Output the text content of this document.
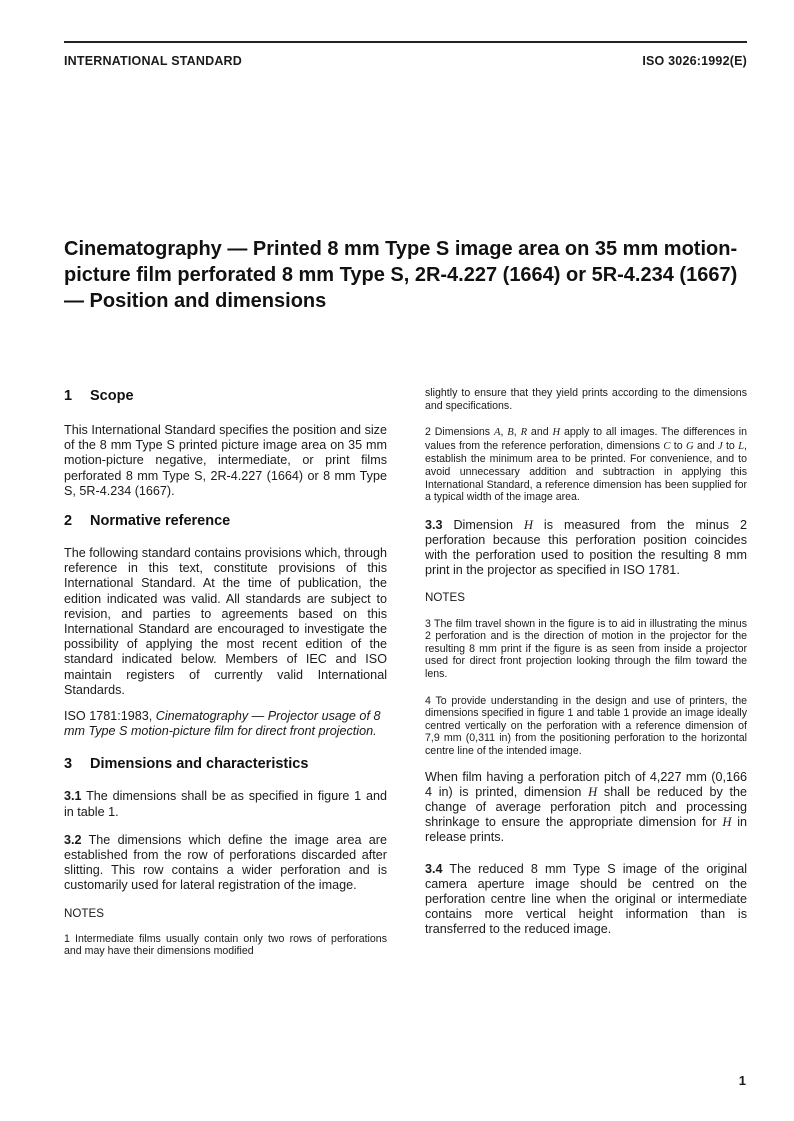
INTERNATIONAL STANDARD	ISO 3026:1992(E)
Cinematography — Printed 8 mm Type S image area on 35 mm motion-picture film perforated 8 mm Type S, 2R-4.227 (1664) or 5R-4.234 (1667) — Position and dimensions
1 Scope

This International Standard specifies the position and size of the 8 mm Type S printed picture image area on 35 mm motion-picture negative, intermediate, or print films perforated 8 mm Type S, 2R-4.227 (1664) or 8 mm Type S, 5R-4.234 (1667).

2 Normative reference

The following standard contains provisions which, through reference in this text, constitute provisions of this International Standard. At the time of publication, the edition indicated was valid. All standards are subject to revision, and parties to agreements based on this International Standard are encouraged to investigate the possibility of applying the most recent edition of the standard indicated below. Members of IEC and ISO maintain registers of currently valid International Standards.

ISO 1781:1983, Cinematography — Projector usage of 8 mm Type S motion-picture film for direct front projection.

3 Dimensions and characteristics

3.1 The dimensions shall be as specified in figure 1 and in table 1.

3.2 The dimensions which define the image area are established from the row of perforations discarded after slitting. This row contains a wider perforation and is customarily used for lateral registration of the image.

NOTES

1 Intermediate films usually contain only two rows of perforations and may have their dimensions modified

slightly to ensure that they yield prints according to the dimensions and specifications.

2 Dimensions A, B, R and H apply to all images. The differences in values from the reference perforation, dimensions C to G and J to L, establish the minimum area to be printed. For convenience, and to avoid unnecessary addition and subtraction in applying this International Standard, a reference dimension has been supplied for a typical width of the image area.

3.3 Dimension H is measured from the minus 2 perforation because this perforation position coincides with the perforation used to position the resulting 8 mm print in the projector as specified in ISO 1781.

NOTES

3 The film travel shown in the figure is to aid in illustrating the minus 2 perforation and is the direction of motion in the projector for the resulting 8 mm print if the figure is as seen from inside a projector used for direct front projection looking through the film toward the lens.

4 To provide understanding in the design and use of printers, the dimensions specified in figure 1 and table 1 provide an image ideally centred vertically on the perforation with a reference dimension of 7,9 mm (0,311 in) from the positioning perforation to the horizontal centre line of the intended image.

When film having a perforation pitch of 4,227 mm (0,166 4 in) is printed, dimension H shall be reduced by the change of average perforation pitch and processing shrinkage to ensure the appropriate dimension for H in release prints.

3.4 The reduced 8 mm Type S image of the original camera aperture image should be centred on the perforation centre line when the original or intermediate contains more vertical height information than is transferred to the reduced image.

1
